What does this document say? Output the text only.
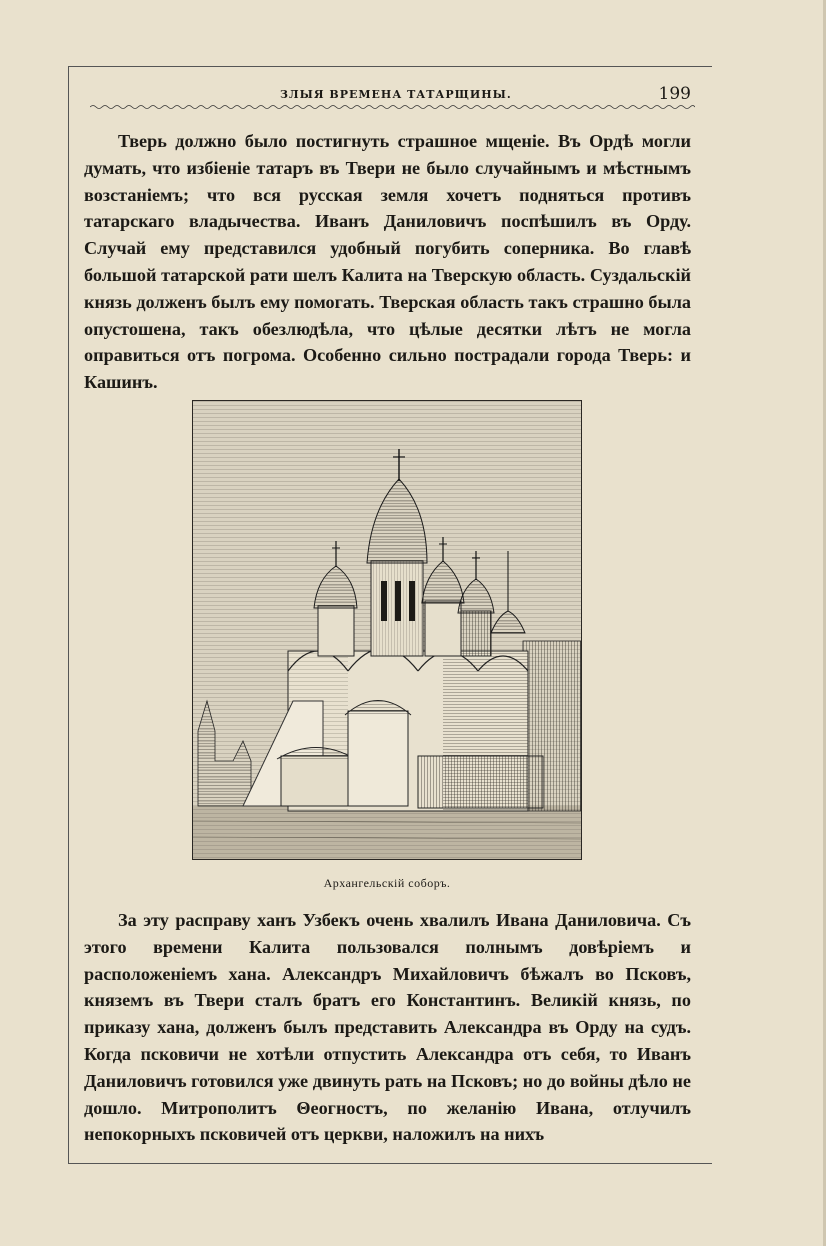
ЗЛЫЯ ВРЕМЕНА ТАТАРЩИНЫ.	199

Тверь должно было постигнуть страшное мщеніе. Въ Ордѣ могли думать, что избіеніе татаръ въ Твери не было случайнымъ и мѣстнымъ возстаніемъ; что вся русская земля хочетъ подняться противъ татарскаго владычества. Иванъ Даниловичъ поспѣшилъ въ Орду. Случай ему представился удобный погубить соперника. Во главѣ большой татарской рати шелъ Калита на Тверскую область. Суздальскій князь долженъ былъ ему помогать. Тверская область такъ страшно была опустошена, такъ обезлюдѣла, что цѣлые десятки лѣтъ не могла оправиться отъ погрома. Особенно сильно пострадали города Тверь: и Кашинъ.

Архангельскій соборъ.

За эту расправу ханъ Узбекъ очень хвалилъ Ивана Даниловича. Съ этого времени Калита пользовался полнымъ довѣріемъ и расположеніемъ хана. Александръ Михайловичъ бѣжалъ во Псковъ, княземъ въ Твери сталъ братъ его Константинъ. Великій князь, по приказу хана, долженъ былъ представить Александра въ Орду на судъ. Когда псковичи не хотѣли отпустить Александра отъ себя, то Иванъ Даниловичъ готовился уже двинуть рать на Псковъ; но до войны дѣло не дошло. Митрополитъ Θеогностъ, по желанію Ивана, отлучилъ непокорныхъ псковичей отъ церкви, наложилъ на нихъ
